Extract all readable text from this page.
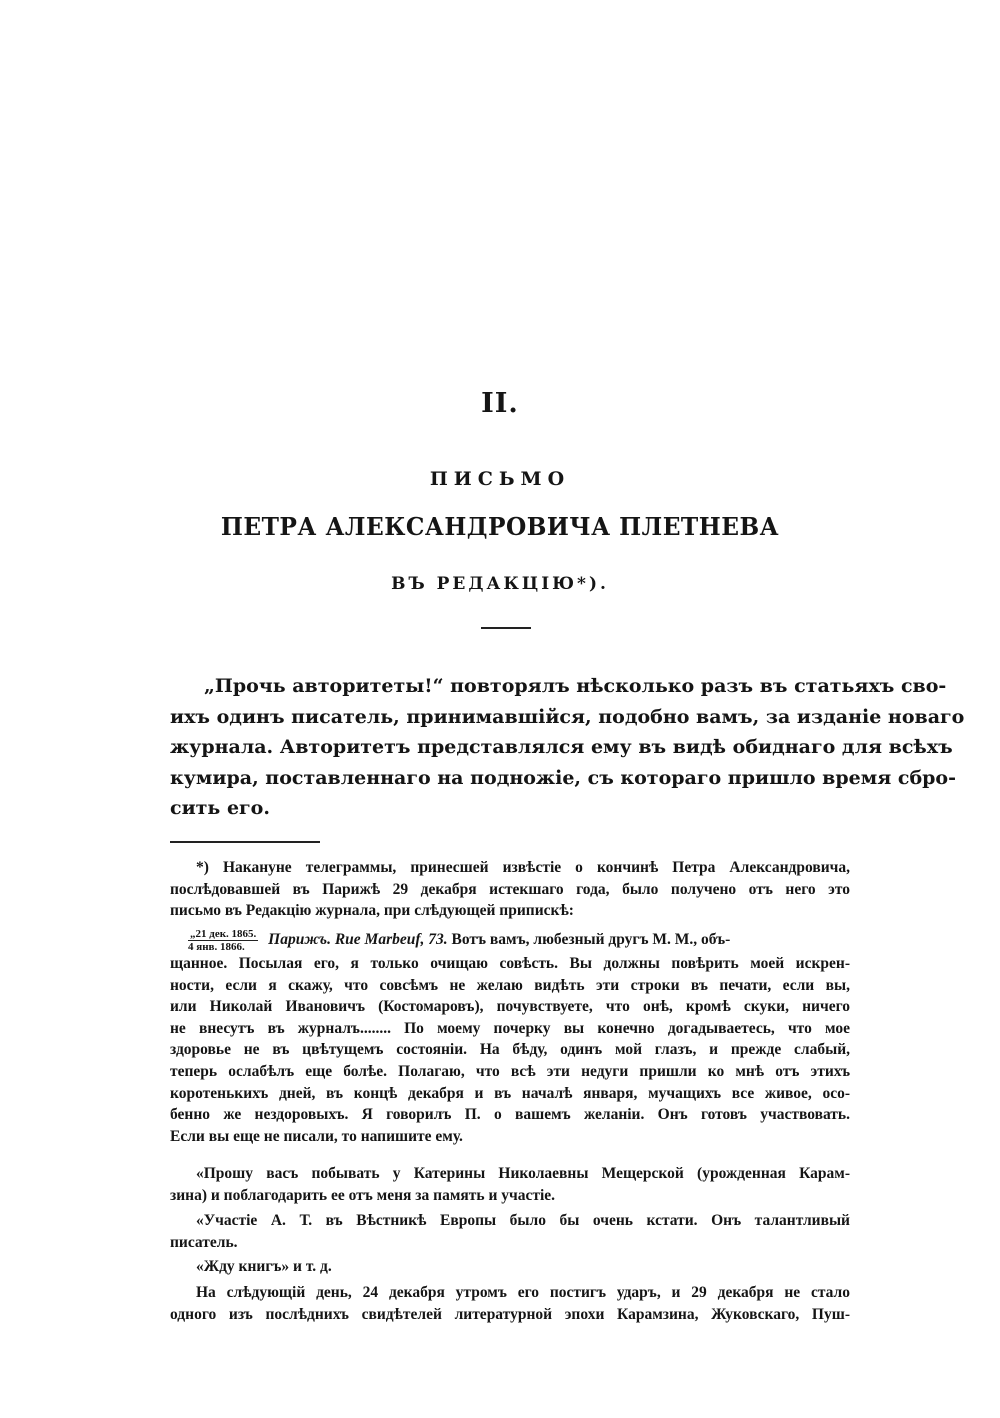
II.
ПИСЬМО
ПЕТРА АЛЕКСАНДРОВИЧА ПЛЕТНЕВА
ВЪ РЕДАКЦІЮ*).
„Прочь авторитеты!“ повторялъ нѣсколько разъ въ статьяхъ сво-
ихъ одинъ писатель, принимавшійся, подобно вамъ, за изданіе новаго
журнала. Авторитетъ представлялся ему въ видѣ обиднаго для всѣхъ
кумира, поставленнаго на подножіе, съ котораго пришло время сбро-
сить его.
*) Накануне телеграммы, принесшей извѣстіе о кончинѣ Петра Александровича,
послѣдовавшей въ Парижѣ 29 декабря истекшаго года, было получено отъ него это
письмо въ Редакцію журнала, при слѣдующей припискѣ:
$\frac{\text{„21 дек. 1865.}}{\text{4 янв. 1866.}}$ Парижъ. Rue Marbeuf, 73. Вотъ вамъ, любезный другъ М. М., объ-
щанное. Посылая его, я только очищаю совѣсть. Вы должны повѣрить моей искрен-
ности, если я скажу, что совсѣмъ не желаю видѣть эти строки въ печати, если вы,
или Николай Ивановичъ (Костомаровъ), почувствуете, что онѣ, кромѣ скуки, ничего
не внесутъ въ журналъ........ По моему почерку вы конечно догадываетесь, что мое
здоровье не въ цвѣтущемъ состояніи. На бѣду, одинъ мой глазъ, и прежде слабый,
теперь ослабѣлъ еще болѣе. Полагаю, что всѣ эти недуги пришли ко мнѣ отъ этихъ
коротенькихъ дней, въ концѣ декабря и въ началѣ января, мучащихъ все живое, осо-
бенно же нездоровыхъ. Я говорилъ П. о вашемъ желаніи. Онъ готовъ участвовать.
Если вы еще не писали, то напишите ему.
«Прошу васъ побывать у Катерины Николаевны Мещерской (урожденная Карам-
зина) и поблагодарить ее отъ меня за память и участіе.
«Участіе А. Т. въ Вѣстникѣ Европы было бы очень кстати. Онъ талантливый
писатель.
«Жду книгъ» и т. д.
На слѣдующій день, 24 декабря утромъ его постигъ ударъ, и 29 декабря не стало
одного изъ послѣднихъ свидѣтелей литературной эпохи Карамзина, Жуковскаго, Пуш-
